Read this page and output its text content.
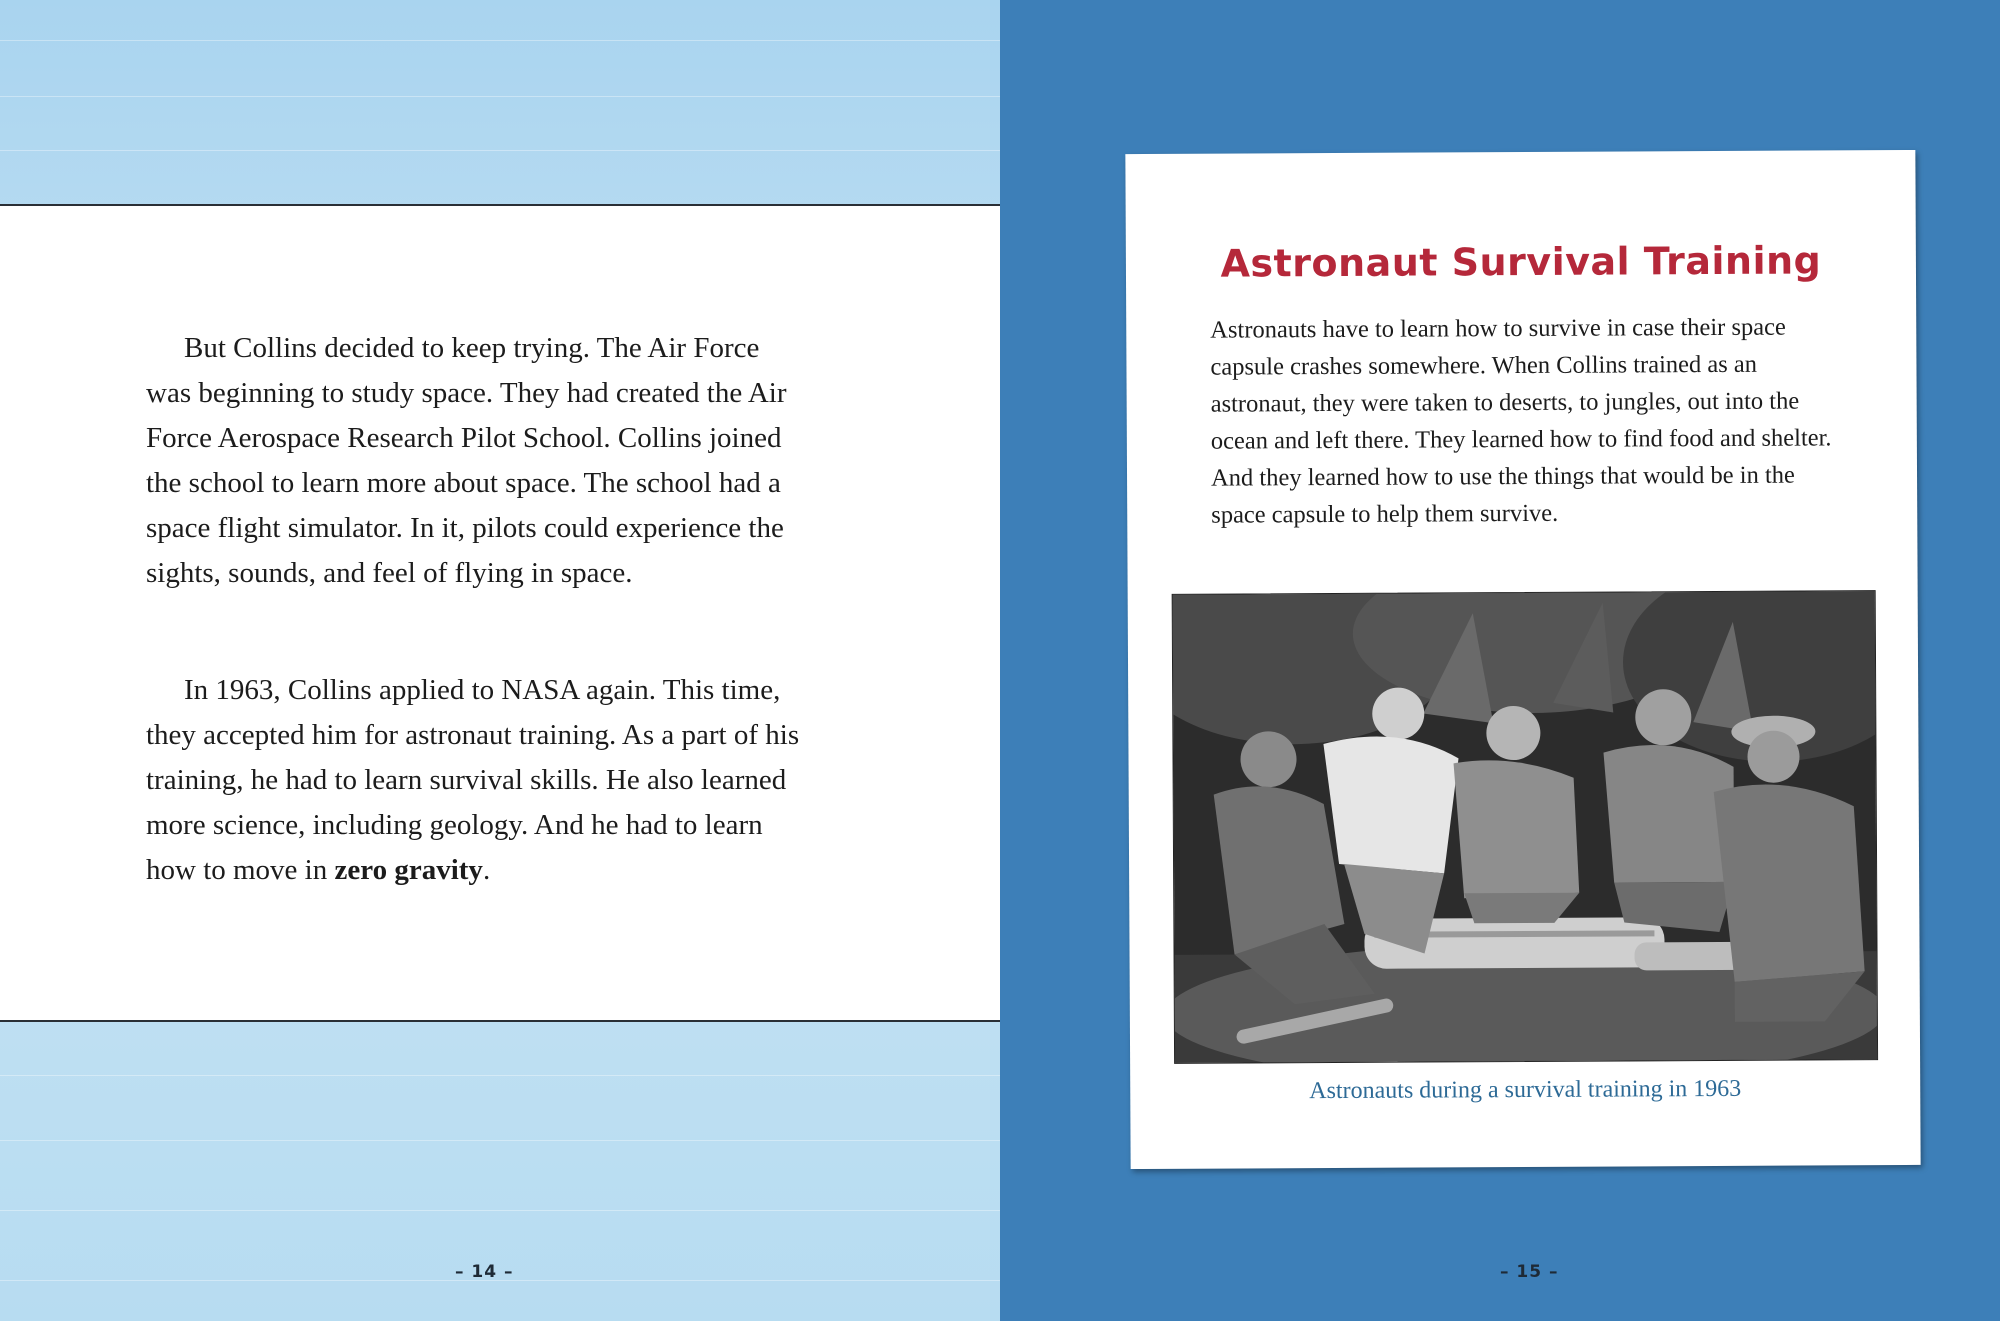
But Collins decided to keep trying. The Air Force was beginning to study space. They had created the Air Force Aerospace Research Pilot School. Collins joined the school to learn more about space. The school had a space flight simulator. In it, pilots could experience the sights, sounds, and feel of flying in space.

In 1963, Collins applied to NASA again. This time, they accepted him for astronaut training. As a part of his training, he had to learn survival skills. He also learned more science, including geology. And he had to learn how to move in zero gravity.

– 14 –
Astronaut Survival Training

Astronauts have to learn how to survive in case their space capsule crashes somewhere. When Collins trained as an astronaut, they were taken to deserts, to jungles, out into the ocean and left there. They learned how to find food and shelter. And they learned how to use the things that would be in the space capsule to help them survive.

Astronauts during a survival training in 1963
– 15 –
